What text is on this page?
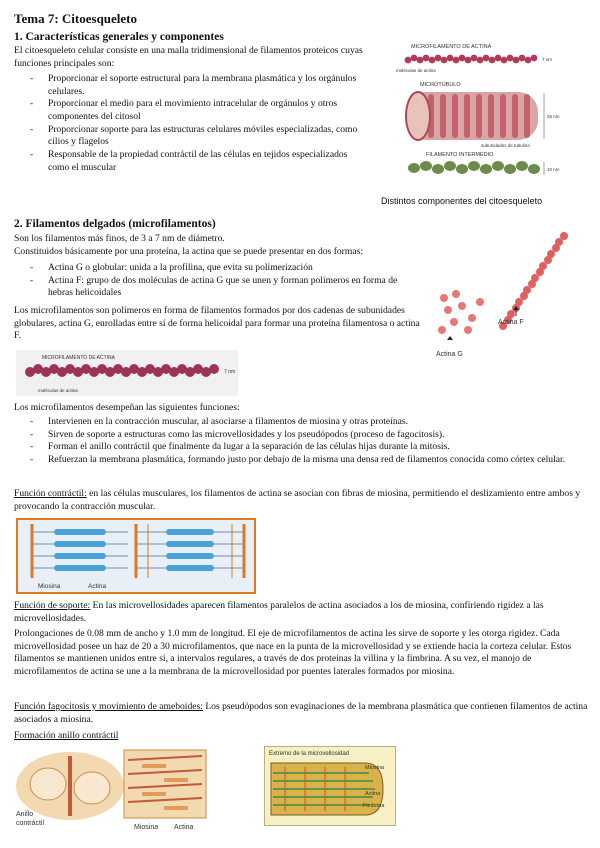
Tema 7: Citoesqueleto
1. Características generales y componentes

El citoesqueleto celular consiste en una malla tridimensional de filamentos proteicos cuyas funciones principales son:

- Proporcionar el soporte estructural para la membrana plasmática y los orgánulos celulares.
- Proporcionar el medio para el movimiento intracelular de orgánulos y otros componentes del citosol
- Proporcionar soporte para las estructuras celulares móviles especializadas, como cilios y flagelos
- Responsable de la propiedad contráctil de las células en tejidos especializados como el muscular
MICROFILAMENTO DE ACTINA
7 nm
moléculas de actina
MICROTÚBULO
25 nm
subunidades de tubulina
FILAMENTO INTERMEDIO
10 nm
Distintos componentes del citoesqueleto
2. Filamentos delgados (microfilamentos)

Son los filamentos más finos, de 3 a 7 nm de diámetro.

Constituidos básicamente por una proteína, la actina que se puede presentar en dos formas:

- Actina G o globular: unida a la profilina, que evita su polimerización
- Actina F: grupo de dos moléculas de actina G que se unen y forman polímeros en forma de hebras helicoidales

Los microfilamentos son polímeros en forma de filamentos formados por dos cadenas de subunidades globulares, actina G, enrolladas entre sí de forma helicoidal para formar una proteína filamentosa o actina F.

Actina F
Actina G
MICROFILAMENTO DE ACTINA
7 nm
moléculas de actina

Los microfilamentos desempeñan las siguientes funciones:

- Intervienen en la contracción muscular, al asociarse a filamentos de miosina y otras proteínas.
- Sirven de soporte a estructuras como las microvellosidades y los pseudópodos (proceso de fagocitosis).
- Forman el anillo contráctil que finalmente da lugar a la separación de las células hijas durante la mitosis.
- Refuerzan la membrana plasmática, formando justo por debajo de la misma una densa red de filamentos conocida como córtex celular.

Función contráctil: en las células musculares, los filamentos de actina se asocian con fibras de miosina, permitiendo el deslizamiento entre ambos y provocando la contracción muscular.

Miosina	Actina

Función de soporte: En las microvellosidades aparecen filamentos paralelos de actina asociados a los de miosina, confiriendo rigidez a las microvellosidades.

Prolongaciones de 0.08 mm de ancho y 1.0 mm de longitud. El eje de microfilamentos de actina les sirve de soporte y les otorga rigidez. Cada microvellosidad posee un haz de 20 a 30 microfilamentos, que nace en la punta de la microvellosidad y se extiende hacia la corteza celular. Estos filamentos se mantienen unidos entre sí, a intervalos regulares, a través de dos proteínas la villina y la fimbrina. A su vez, el manojo de microfilamentos de actina se une a la membrana de la microvellosidad por puentes laterales formados por miosina.

Función fagocitosis y movimiento de ameboides: Los pseudópodos son evaginaciones de la membrana plasmática que contienen filamentos de actina asociados a miosina.

Formación anillo contráctil

Anillo
contráctil
Miosina Actina
Extremo de la microvellosidad
Miosina
Actina
Fimbrina
